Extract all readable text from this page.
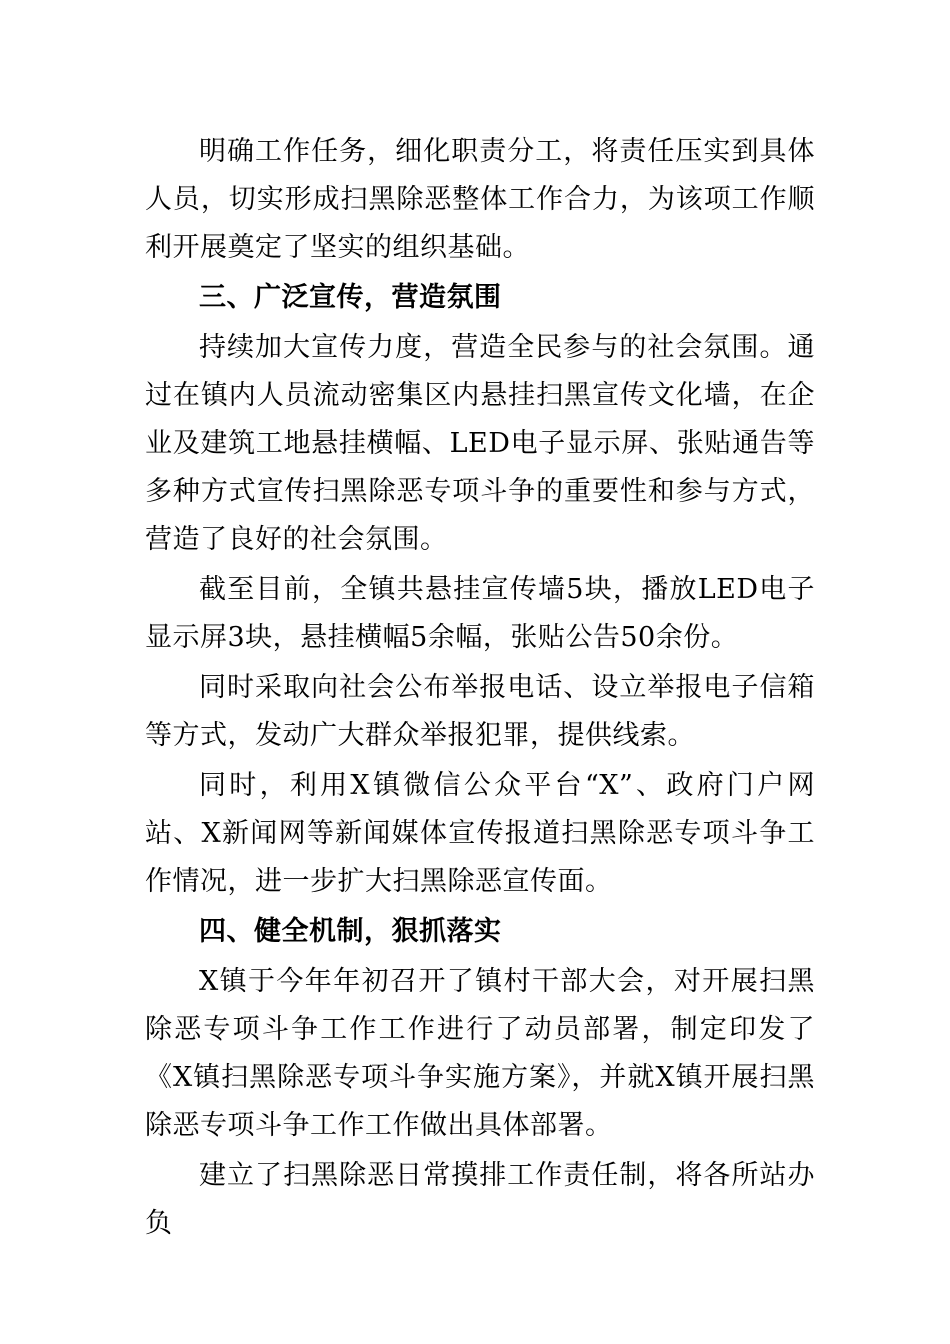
明确工作任务，细化职责分工，将责任压实到具体人员，切实形成扫黑除恶整体工作合力，为该项工作顺利开展奠定了坚实的组织基础。

三、广泛宣传，营造氛围

持续加大宣传力度，营造全民参与的社会氛围。通过在镇内人员流动密集区内悬挂扫黑宣传文化墙，在企业及建筑工地悬挂横幅、LED电子显示屏、张贴通告等多种方式宣传扫黑除恶专项斗争的重要性和参与方式，营造了良好的社会氛围。

截至目前，全镇共悬挂宣传墙5块，播放LED电子显示屏3块，悬挂横幅5余幅，张贴公告50余份。

同时采取向社会公布举报电话、设立举报电子信箱等方式，发动广大群众举报犯罪，提供线索。

同时，利用X镇微信公众平台“X”、政府门户网站、X新闻网等新闻媒体宣传报道扫黑除恶专项斗争工作情况，进一步扩大扫黑除恶宣传面。

四、健全机制，狠抓落实

X镇于今年年初召开了镇村干部大会，对开展扫黑除恶专项斗争工作工作进行了动员部署，制定印发了《X镇扫黑除恶专项斗争实施方案》，并就X镇开展扫黑除恶专项斗争工作工作做出具体部署。

建立了扫黑除恶日常摸排工作责任制，将各所站办负
